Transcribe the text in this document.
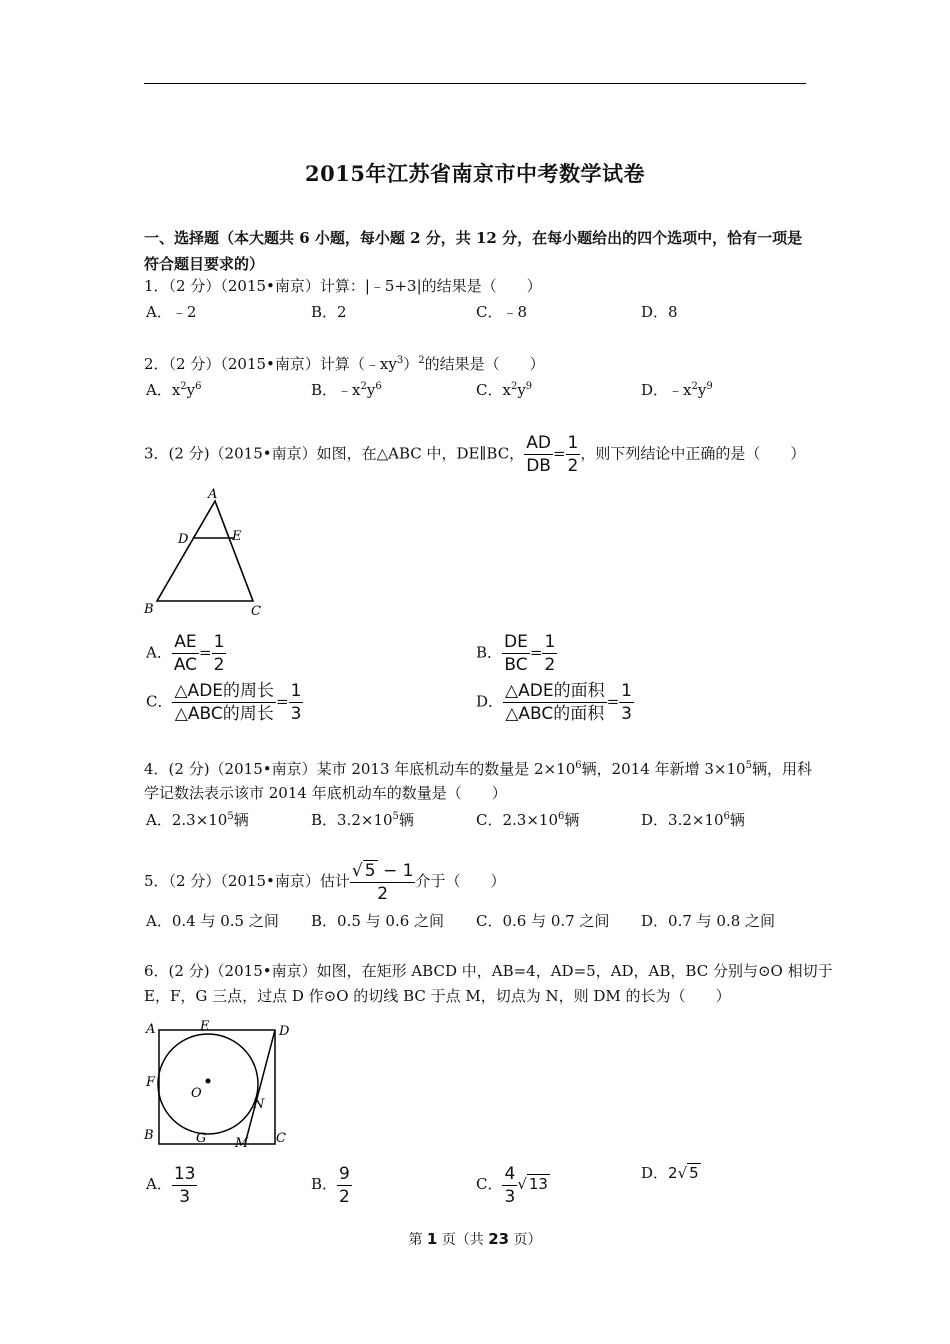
2015年江苏省南京市中考数学试卷
一、选择题（本大题共 6 小题，每小题 2 分，共 12 分，在每小题给出的四个选项中，恰有一项是符合题目要求的）
1．（2 分）（2015•南京）计算：|﹣5+3|的结果是（　　）
A．﹣2	B．2	C．﹣8	D．8
2．（2 分）（2015•南京）计算$(﹣xy^3)^2$的结果是（　　）
A．$x^2y^6$	B．$﹣x^2y^6$	C．$x^2y^9$	D．$﹣x^2y^9$
3．(2 分)（2015•南京）如图，在△ABC 中，DE∥BC， $\frac{AD}{DB} = \frac{1}{2}$ ，则下列结论中正确的是（　　）
A
D	E
B	C
A． $\frac{AE}{AC} = \frac{1}{2}$	B． $\frac{DE}{BC} = \frac{1}{2}$
C． $\frac{\text{△ADE的周长}}{\text{△ABC的周长}} = \frac{1}{3}$	D． $\frac{\text{△ADE的面积}}{\text{△ABC的面积}} = \frac{1}{3}$
4．(2 分)（2015•南京）某市 2013 年底机动车的数量是 $2\times 10^6$辆，2014 年新增 $3\times 10^5$辆，用科
学记数法表示该市 2014 年底机动车的数量是（　　）
A．$2.3\times 10^5$辆	B．$3.2\times 10^5$辆	C．$2.3\times 10^6$辆	D．$3.2\times 10^6$辆
5．（2 分）（2015•南京）估计 $\frac{√ 5 - 1}{2}$ 介于（　　）
A．0.4 与 0.5 之间 B．0.5 与 0.6 之间 C．0.6 与 0.7 之间 D．0.7 与 0.8 之间
6．(2 分)（2015•南京）如图，在矩形 ABCD 中，AB=4，AD=5，AD，AB，BC 分别与⊙O 相切于
E，F，G 三点，过点 D 作⊙O 的切线 BC 于点 M，切点为 N，则 DM 的长为（　　）
A	E	D
F
O
N
B	G M C
A． $\frac{13}{3}$	B． $\frac{9}{2}$	C． $\frac{4}{3}$ √ 13
D．2√ 5
第 1 页（共 23 页）
